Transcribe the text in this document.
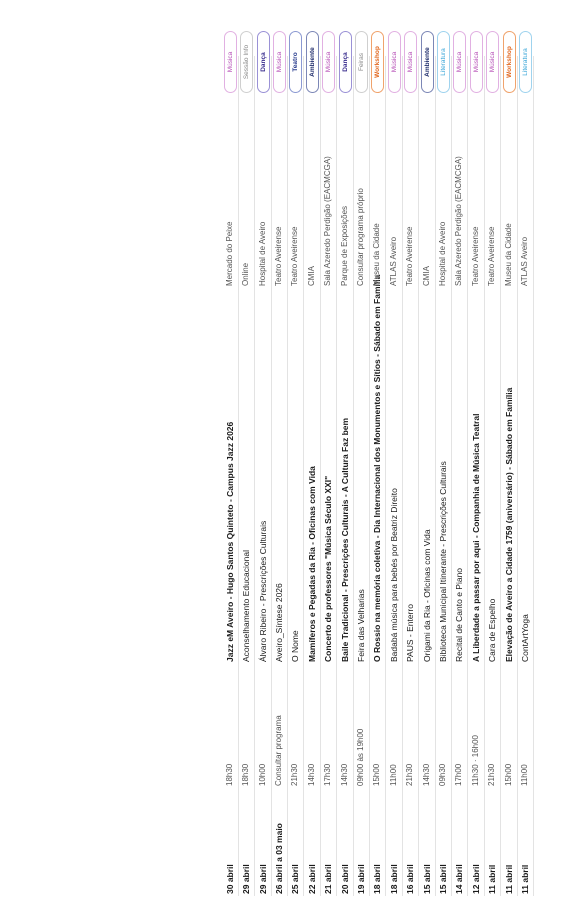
11 abril
11h00
ContArtYoga
ATLAS Aveiro
Literatura
11 abril
15h00
Elevação de Aveiro a Cidade 1759 (aniversário) - Sábado em Família
Museu da Cidade
Workshop
11 abril
21h30
Cara de Espelho
Teatro Aveirense
Música
12 abril
11h30 · 16h00
A Liberdade a passar por aqui - Companhia de Música Teatral
Teatro Aveirense
Música
14 abril
17h00
Recital de Canto e Piano
Sala Azeredo Perdigão (EACMCGA)
Música
15 abril
09h30
Biblioteca Municipal Itinerante - Prescrições Culturais
Hospital de Aveiro
Literatura
15 abril
14h30
Origami da Ria - Oficinas com Vida
CMIA
Ambiente
16 abril
21h30
PAUS - Enterro
Teatro Aveirense
Música
18 abril
11h00
Badabá música para bebés por Beatriz Direito
ATLAS Aveiro
Música
18 abril
15h00
O Rossio na memória coletiva - Dia Internacional dos Monumentos e Sítios - Sábado em Família
Museu da Cidade
Workshop
19 abril
09h00 às 19h00
Feira das Velharias
Consultar programa próprio
Feiras
20 abril
14h30
Baile Tradicional - Prescrições Culturais - A Cultura Faz bem
Parque de Exposições
Dança
21 abril
17h30
Concerto de professores "Música Século XXI"
Sala Azeredo Perdigão (EACMCGA)
Música
22 abril
14h30
Mamíferos e Pegadas da Ria - Oficinas com Vida
CMIA
Ambiente
25 abril
21h30
O Nome
Teatro Aveirense
Teatro
26 abril a 03 maio
Consultar programa
Aveiro_Síntese 2026
Teatro Aveirense
Música
29 abril
10h00
Álvaro Ribeiro - Prescrições Culturais
Hospital de Aveiro
Dança
29 abril
18h30
Aconselhamento Educacional
Online
Sessão Info
30 abril
18h30
Jazz eM Aveiro - Hugo Santos Quinteto - Campus Jazz 2026
Mercado do Peixe
Música
